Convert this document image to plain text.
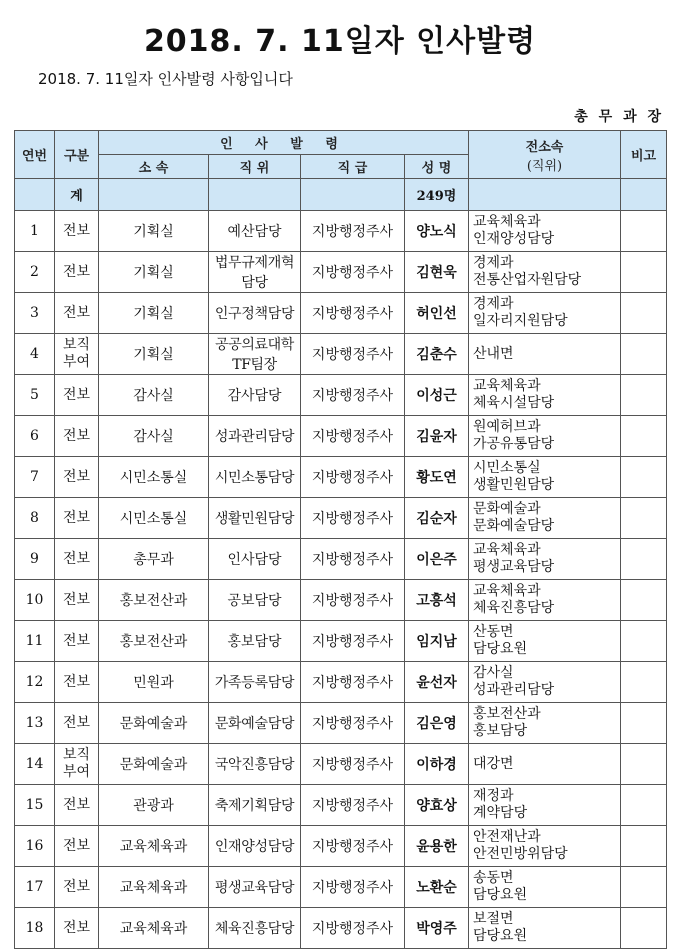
2018. 7. 11일자 인사발령
2018. 7. 11일자 인사발령 사항입니다
총 무 과 장
연번	구분	인 사 발 령				전소속
(직위)	비고
		소 속	직 위	직 급	성 명		
	계				249명		
1	전보	기획실	예산담당	지방행정주사	양노식	교육체육과
인재양성담당	

2	전보	기획실	법무규제개혁담당	지방행정주사	김현욱	경제과
전통산업자원담당	

3	전보	기획실	인구정책담당	지방행정주사	허인선	경제과
일자리지원담당	

4	보직
부여	기획실	공공의료대학TF팀장	지방행정주사	김춘수	산내면	

5	전보	감사실	감사담당	지방행정주사	이성근	교육체육과
체육시설담당	

6	전보	감사실	성과관리담당	지방행정주사	김윤자	원예허브과
가공유통담당	

7	전보	시민소통실	시민소통담당	지방행정주사	황도연	시민소통실
생활민원담당	

8	전보	시민소통실	생활민원담당	지방행정주사	김순자	문화예술과
문화예술담당	

9	전보	총무과	인사담당	지방행정주사	이은주	교육체육과
평생교육담당	

10	전보	홍보전산과	공보담당	지방행정주사	고흥석	교육체육과
체육진흥담당	

11	전보	홍보전산과	홍보담당	지방행정주사	임지남	산동면
담당요원	

12	전보	민원과	가족등록담당	지방행정주사	윤선자	감사실
성과관리담당	

13	전보	문화예술과	문화예술담당	지방행정주사	김은영	홍보전산과
홍보담당	

14	보직
부여	문화예술과	국악진흥담당	지방행정주사	이하경	대강면	

15	전보	관광과	축제기획담당	지방행정주사	양효상	재정과
계약담당	

16	전보	교육체육과	인재양성담당	지방행정주사	윤용한	안전재난과
안전민방위담당	

17	전보	교육체육과	평생교육담당	지방행정주사	노환순	송동면
담당요원	

18	전보	교육체육과	체육진흥담당	지방행정주사	박영주	보절면
담당요원	
